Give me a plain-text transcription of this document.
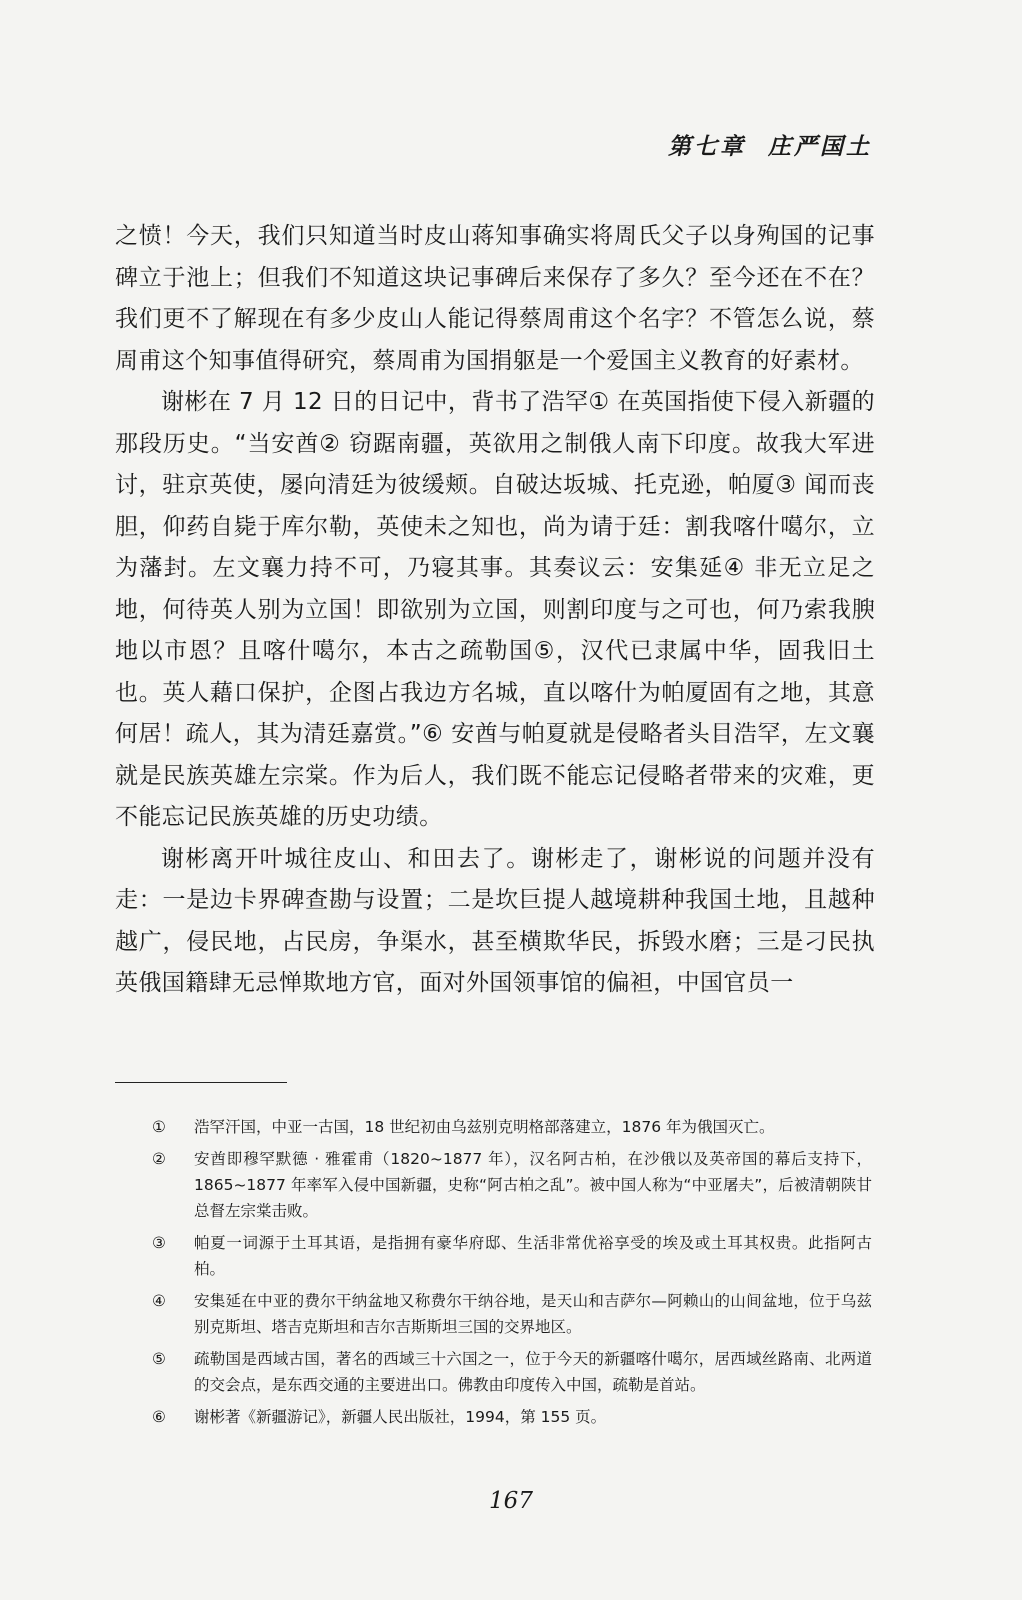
第七章 庄严国土

之愤！今天，我们只知道当时皮山蒋知事确实将周氏父子以身殉国的记事碑立于池上；但我们不知道这块记事碑后来保存了多久？至今还在不在？我们更不了解现在有多少皮山人能记得蔡周甫这个名字？不管怎么说，蔡周甫这个知事值得研究，蔡周甫为国捐躯是一个爱国主义教育的好素材。

谢彬在 7 月 12 日的日记中，背书了浩罕① 在英国指使下侵入新疆的那段历史。“当安酋② 窃踞南疆，英欲用之制俄人南下印度。故我大军进讨，驻京英使，屡向清廷为彼缓颊。自破达坂城、托克逊，帕厦③ 闻而丧胆，仰药自毙于库尔勒，英使未之知也，尚为请于廷：割我喀什噶尔，立为藩封。左文襄力持不可，乃寝其事。其奏议云：安集延④ 非无立足之地，何待英人别为立国！即欲别为立国，则割印度与之可也，何乃索我腴地以市恩？且喀什噶尔，本古之疏勒国⑤，汉代已隶属中华，固我旧土也。英人藉口保护，企图占我边方名城，直以喀什为帕厦固有之地，其意何居！疏人，其为清廷嘉赏。”⑥ 安酋与帕夏就是侵略者头目浩罕，左文襄就是民族英雄左宗棠。作为后人，我们既不能忘记侵略者带来的灾难，更不能忘记民族英雄的历史功绩。

谢彬离开叶城往皮山、和田去了。谢彬走了，谢彬说的问题并没有走：一是边卡界碑查勘与设置；二是坎巨提人越境耕种我国土地，且越种越广，侵民地，占民房，争渠水，甚至横欺华民，拆毁水磨；三是刁民执英俄国籍肆无忌惮欺地方官，面对外国领事馆的偏袒，中国官员一

① 浩罕汗国，中亚一古国，18 世纪初由乌兹别克明格部落建立，1876 年为俄国灭亡。
② 安酋即穆罕默德 · 雅霍甫（1820~1877 年），汉名阿古柏，在沙俄以及英帝国的幕后支持下，1865~1877 年率军入侵中国新疆，史称“阿古柏之乱”。被中国人称为“中亚屠夫”，后被清朝陕甘总督左宗棠击败。
③ 帕夏一词源于土耳其语，是指拥有豪华府邸、生活非常优裕享受的埃及或土耳其权贵。此指阿古柏。
④ 安集延在中亚的费尔干纳盆地又称费尔干纳谷地，是天山和吉萨尔—阿赖山的山间盆地，位于乌兹别克斯坦、塔吉克斯坦和吉尔吉斯斯坦三国的交界地区。
⑤ 疏勒国是西域古国，著名的西域三十六国之一，位于今天的新疆喀什噶尔，居西域丝路南、北两道的交会点，是东西交通的主要进出口。佛教由印度传入中国，疏勒是首站。
⑥ 谢彬著《新疆游记》，新疆人民出版社，1994，第 155 页。
167
